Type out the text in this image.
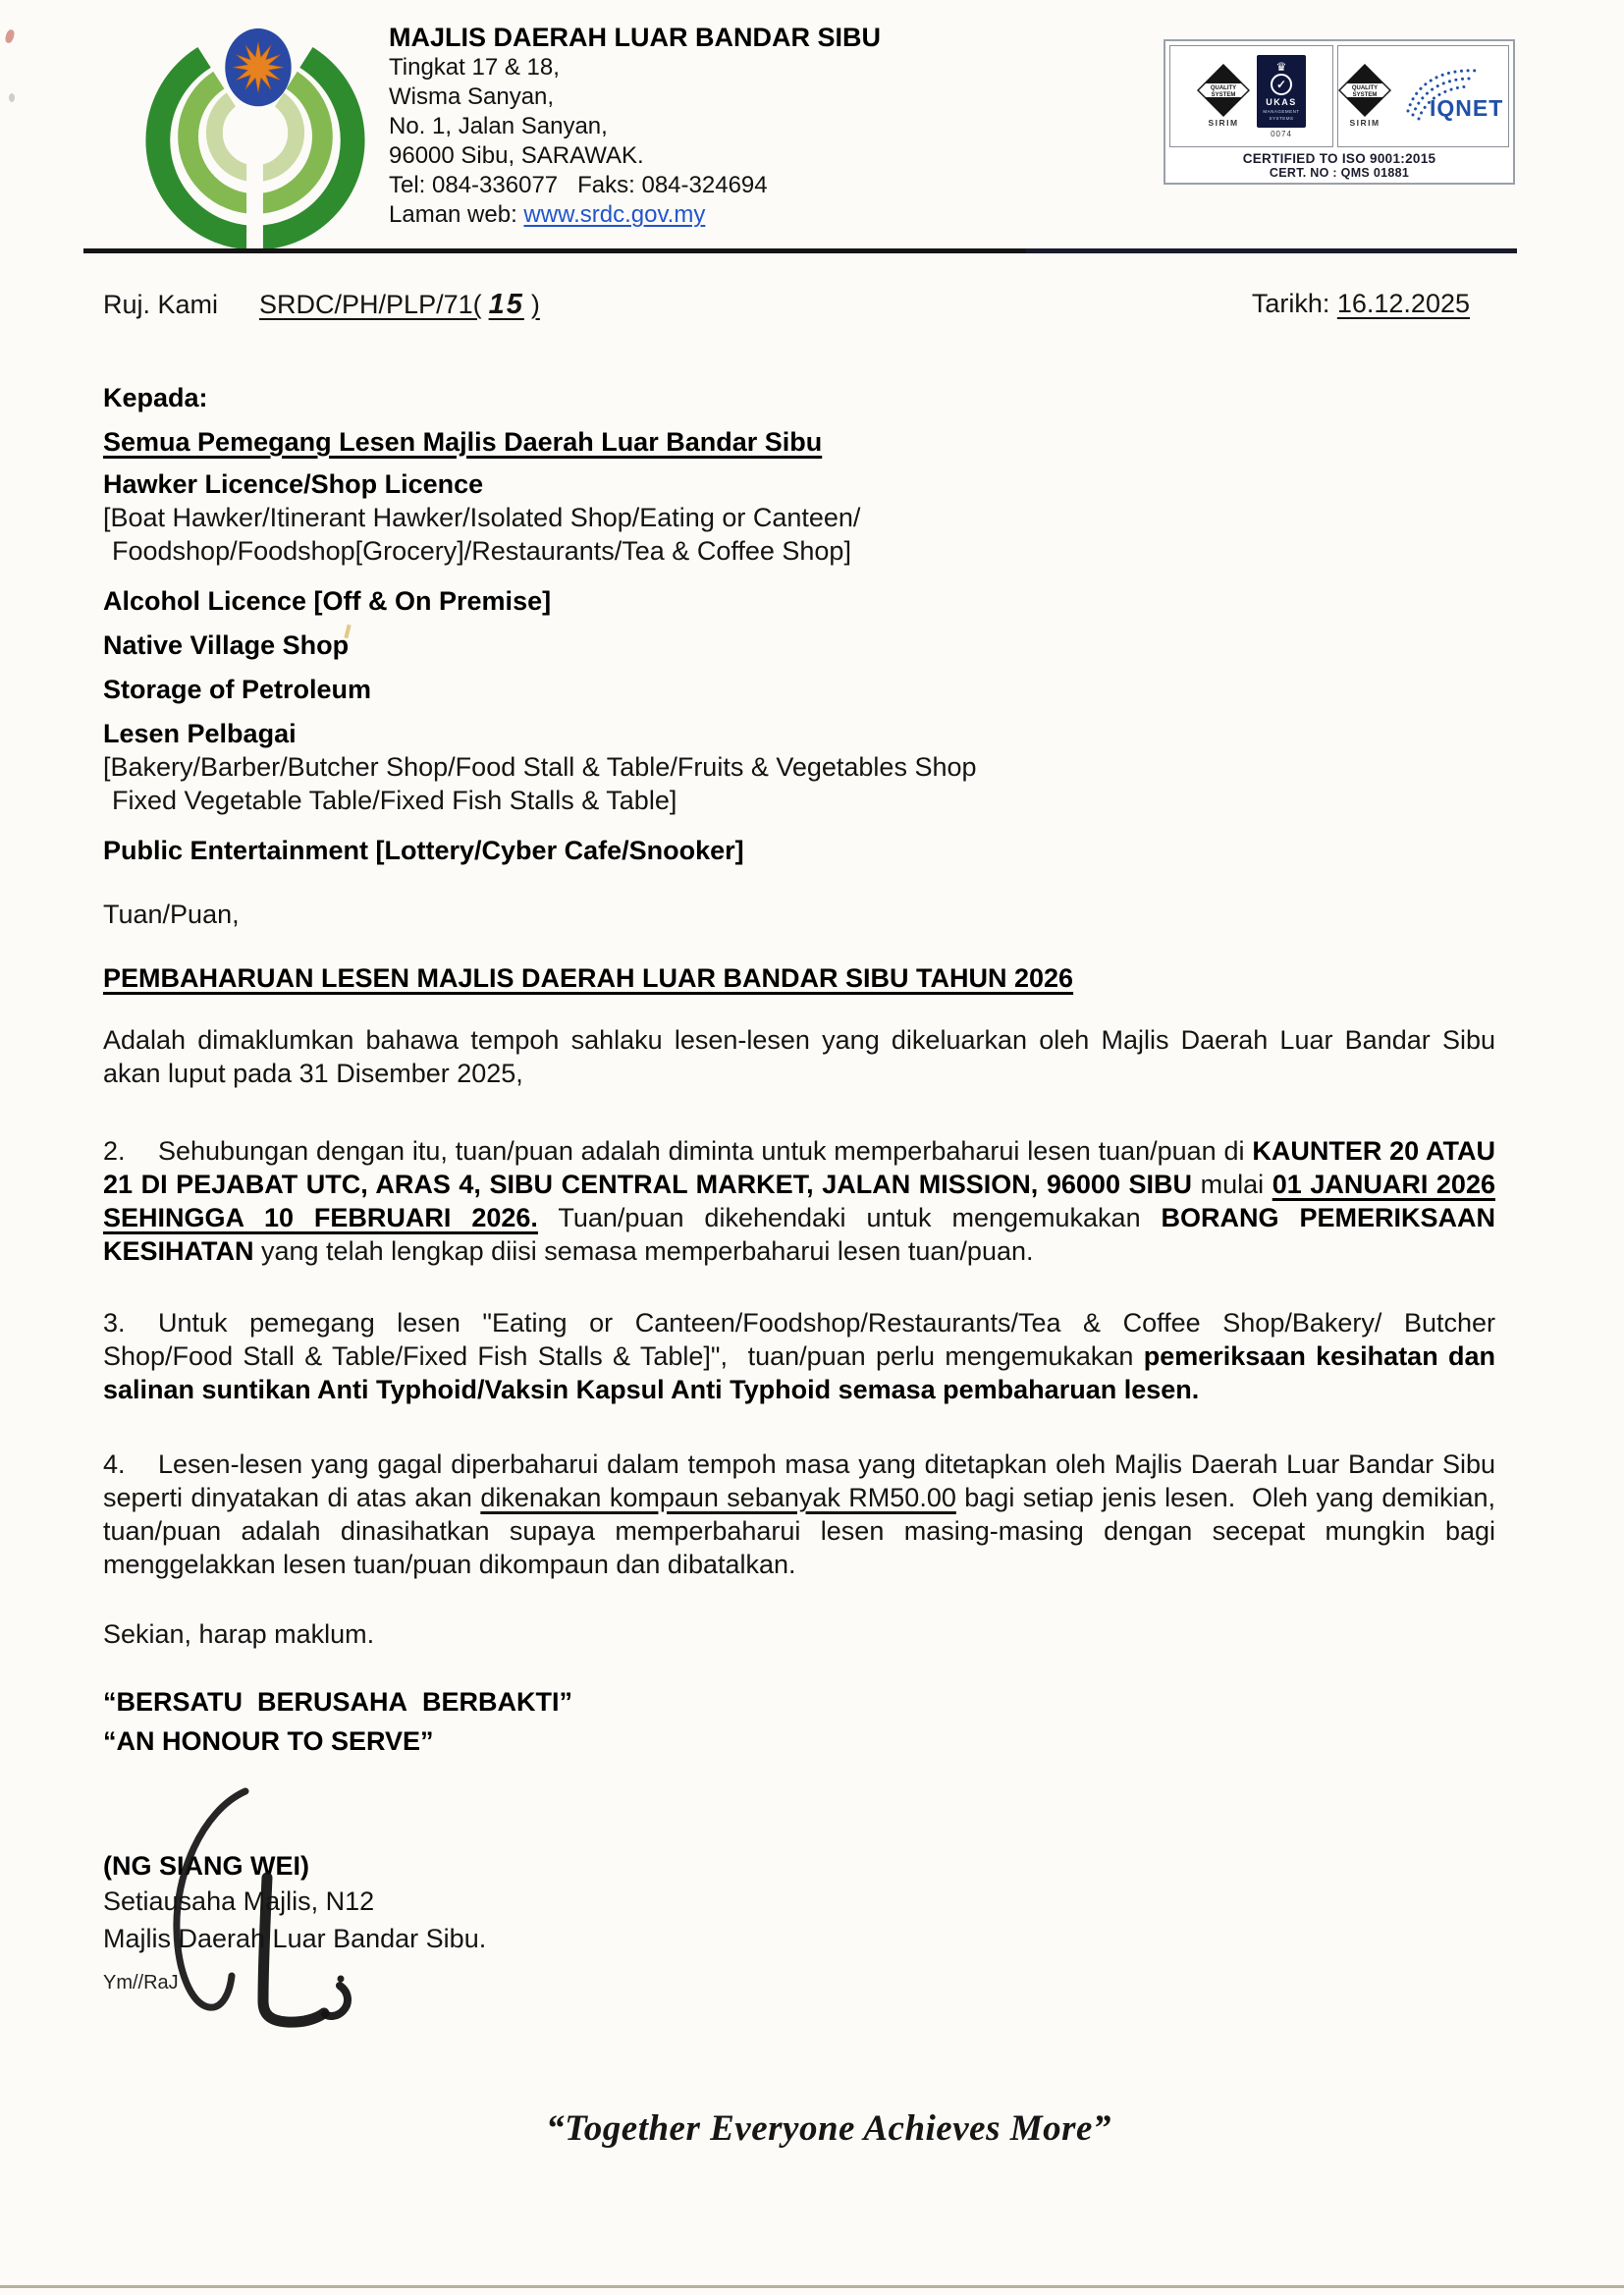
MAJLIS DAERAH LUAR BANDAR SIBU
Tingkat 17 & 18,
Wisma Sanyan,
No. 1, Jalan Sanyan,
96000 Sibu, SARAWAK.
Tel: 084-336077   Faks: 084-324694
Laman web: www.srdc.gov.my
QUALITY
SYSTEM
SIRIM
♛
✓
UKAS
MANAGEMENT
SYSTEMS
0074
QUALITY
SYSTEM
SIRIM
IQNET
CERTIFIED TO ISO 9001:2015
CERT. NO : QMS 01881
Ruj. Kami SRDC/PH/PLP/71( 15 )	Tarikh: 16.12.2025
Kepada:
Semua Pemegang Lesen Majlis Daerah Luar Bandar Sibu
Hawker Licence/Shop Licence
[Boat Hawker/Itinerant Hawker/Isolated Shop/Eating or Canteen/
Foodshop/Foodshop[Grocery]/Restaurants/Tea & Coffee Shop]
Alcohol Licence [Off & On Premise]
Native Village Shop
Storage of Petroleum
Lesen Pelbagai
[Bakery/Barber/Butcher Shop/Food Stall & Table/Fruits & Vegetables Shop
Fixed Vegetable Table/Fixed Fish Stalls & Table]
Public Entertainment [Lottery/Cyber Cafe/Snooker]
Tuan/Puan,
PEMBAHARUAN LESEN MAJLIS DAERAH LUAR BANDAR SIBU TAHUN 2026

Adalah dimaklumkan bahawa tempoh sahlaku lesen-lesen yang dikeluarkan oleh Majlis Daerah Luar Bandar Sibu akan luput pada 31 Disember 2025,

2. Sehubungan dengan itu, tuan/puan adalah diminta untuk memperbaharui lesen tuan/puan di KAUNTER 20 ATAU 21 DI PEJABAT UTC, ARAS 4, SIBU CENTRAL MARKET, JALAN MISSION, 96000 SIBU mulai 01 JANUARI 2026 SEHINGGA 10 FEBRUARI 2026. Tuan/puan dikehendaki untuk mengemukakan BORANG PEMERIKSAAN KESIHATAN yang telah lengkap diisi semasa memperbaharui lesen tuan/puan.

3. Untuk pemegang lesen "Eating or Canteen/Foodshop/Restaurants/Tea & Coffee Shop/Bakery/ Butcher Shop/Food Stall & Table/Fixed Fish Stalls & Table]",  tuan/puan perlu mengemukakan pemeriksaan kesihatan dan salinan suntikan Anti Typhoid/Vaksin Kapsul Anti Typhoid semasa pembaharuan lesen.

4. Lesen-lesen yang gagal diperbaharui dalam tempoh masa yang ditetapkan oleh Majlis Daerah Luar Bandar Sibu seperti dinyatakan di atas akan dikenakan kompaun sebanyak RM50.00 bagi setiap jenis lesen.  Oleh yang demikian, tuan/puan adalah dinasihatkan supaya memperbaharui lesen masing-masing dengan secepat mungkin bagi menggelakkan lesen tuan/puan dikompaun dan dibatalkan.

Sekian, harap maklum.
“BERSATU  BERUSAHA  BERBAKTI”
“AN HONOUR TO SERVE”
(NG SIANG WEI)
Setiausaha Majlis, N12
Majlis Daerah Luar Bandar Sibu.
Ym//RaJ
“Together Everyone Achieves More”
